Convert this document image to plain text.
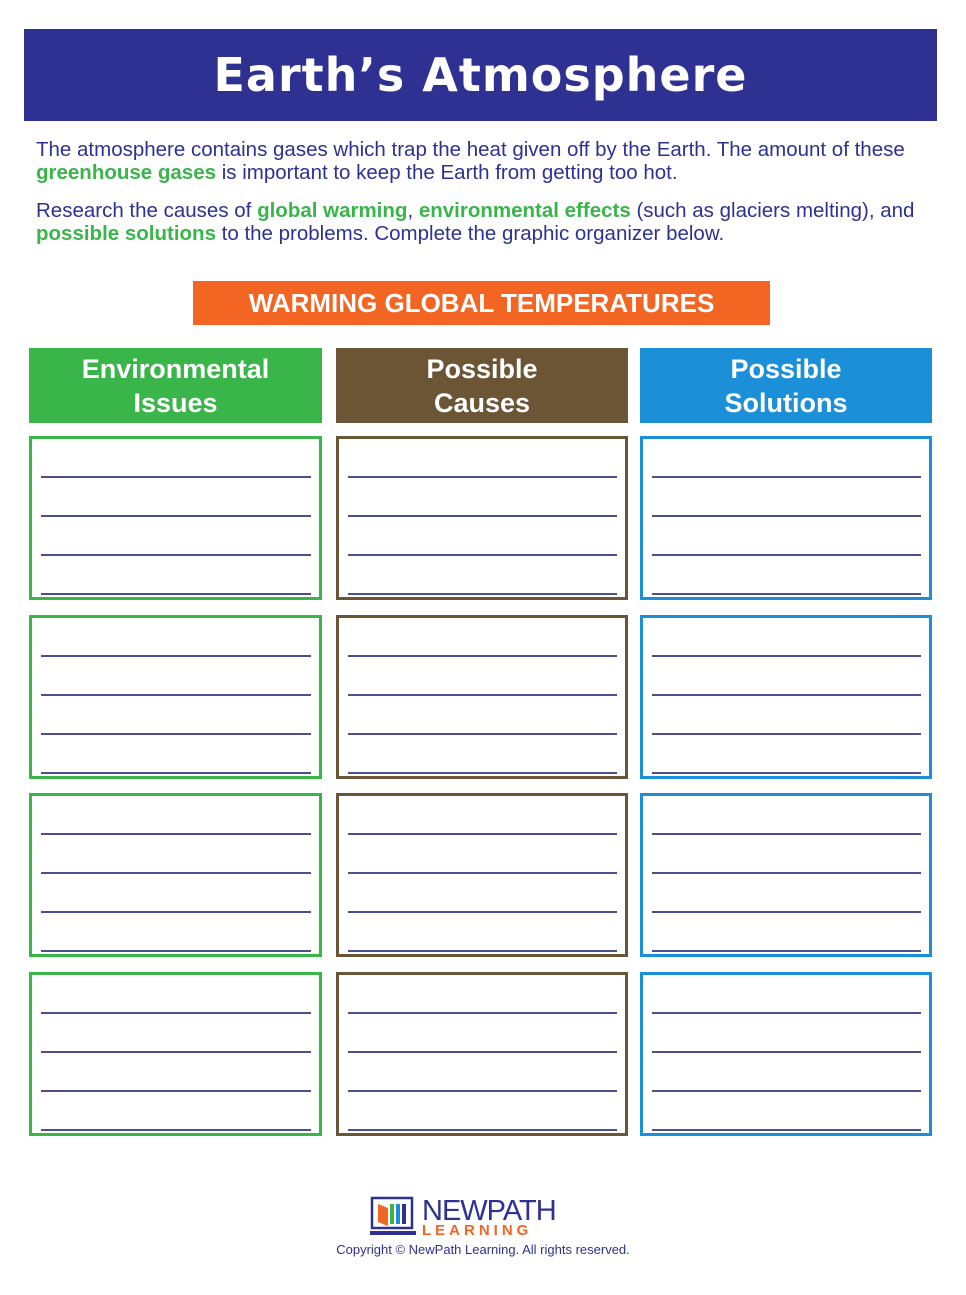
Earth’s Atmosphere

The atmosphere contains gases which trap the heat given off by the Earth. The amount of these greenhouse gases is important to keep the Earth from getting too hot.

Research the causes of global warming, environmental effects (such as glaciers melting), and possible solutions to the problems. Complete the graphic organizer below.

WARMING GLOBAL TEMPERATURES
Environmental
Issues
Possible
Causes
Possible
Solutions
NEWPATH
LEARNING
Copyright © NewPath Learning. All rights reserved.
